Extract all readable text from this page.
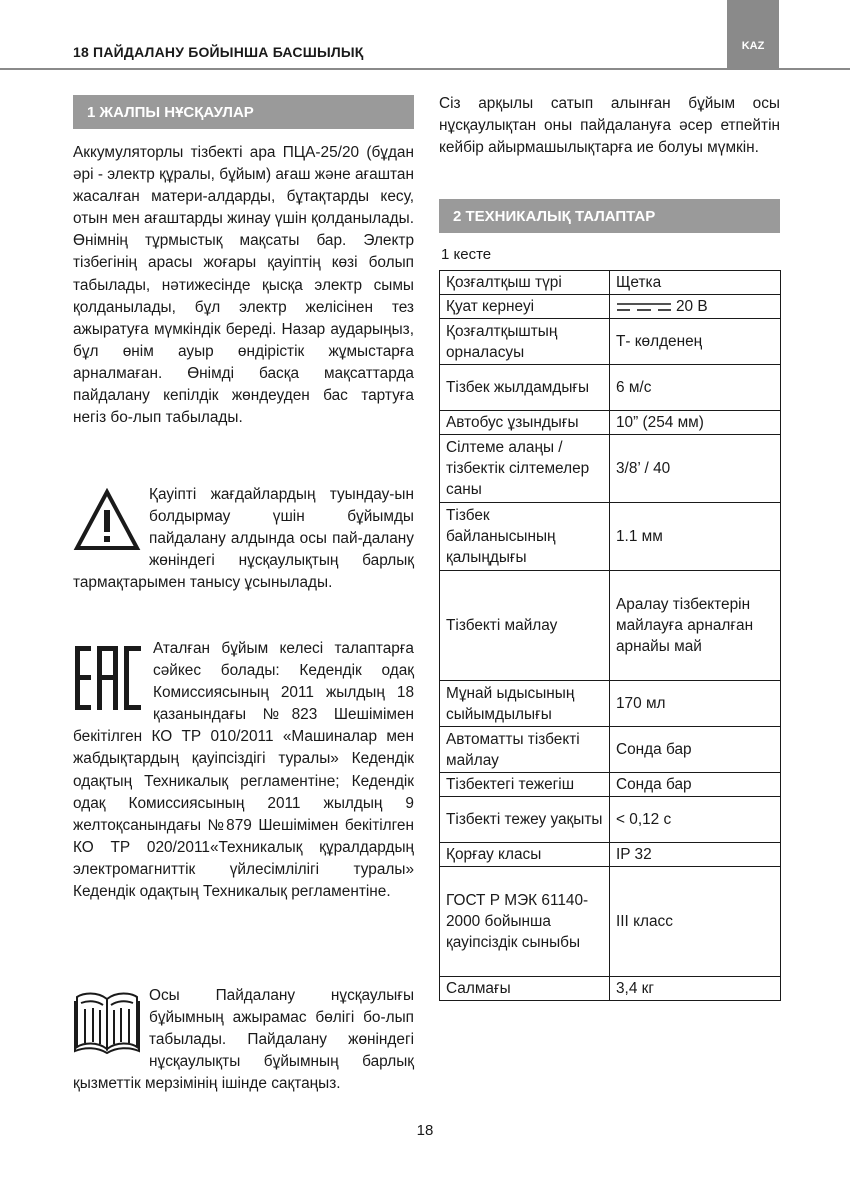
18 ПАЙДАЛАНУ БОЙЫНША БАСШЫЛЫҚ	KAZ
1 ЖАЛПЫ НҰСҚАУЛАР
Аккумуляторлы тізбекті ара ПЦА-25/20 (бұдан әрі - электр құралы, бұйым) ағаш және ағаштан жасалған матери-алдарды, бұтақтарды кесу, отын мен ағаштарды жинау үшін қолданылады. Өнімнің тұрмыстық мақсаты бар. Электр тізбегінің арасы жоғары қауіптің көзі болып табылады, нәтижесінде қысқа электр сымы қолданылады, бұл электр желісінен тез ажыратуға мүмкіндік береді. Назар аударыңыз, бұл өнім ауыр өндірістік жұмыстарға арналмаған. Өнімді басқа мақсаттарда пайдалану кепілдік жөндеуден бас тартуға негіз бо-лып табылады.
Қауіпті жағдайлардың туындау-ын болдырмау үшін бұйымды пайдалану алдында осы пай-далану жөніндегі нұсқаулықтың барлық тармақтарымен танысу ұсынылады.
Аталған бұйым келесі талаптарға сәйкес болады: Кедендік одақ Комиссиясының 2011 жылдың 18 қазанындағы №823 Шешімімен бекітілген КО ТР 010/2011 «Машиналар мен жабдықтардың қауіпсіздігі туралы» Кедендік одақтың Техникалық регламентіне; Кедендік одақ Комиссиясының 2011 жылдың 9 желтоқсанындағы №879 Шешімімен бекітілген КО ТР 020/2011«Техникалық құралдардың электромагниттік үйлесімлілігі туралы» Кедендік одақтың Техникалық регламентіне.
Осы Пайдалану нұсқаулығы бұйымның ажырамас бөлігі бо-лып табылады. Пайдалану жөніндегі нұсқаулықты бұйымның барлық қызметтік мерзімінің ішінде сақтаңыз.
Сіз арқылы сатып алынған бұйым осы нұсқаулықтан оны пайдалануға әсер етпейтін кейбір айырмашылықтарға ие болуы мүмкін.
2 ТЕХНИКАЛЫҚ ТАЛАПТАР
1 кесте
Қозғалтқыш түрі	Щетка
Қуат кернеуі	20 В
Қозғалтқыштың орналасуы	Т- көлденең
Тізбек жылдамдығы	6 м/с
Автобус ұзындығы	10” (254 мм)
Сілтеме алаңы / тізбектік сілтемелер саны	3/8’ / 40
Тізбек байланысының қалыңдығы	1.1 мм
Тізбекті майлау	Аралау тізбектерін майлауға арналған арнайы май
Мұнай ыдысының сыйымдылығы	170 мл
Автоматты тізбекті майлау	Сонда бар
Тізбектегі тежегіш	Сонда бар
Тізбекті тежеу уақыты	< 0,12 с
Қорғау класы	IP 32
ГОСТ Р МЭК 61140-2000 бойынша қауіпсіздік сыныбы	III класс
Салмағы	3,4 кг
18
